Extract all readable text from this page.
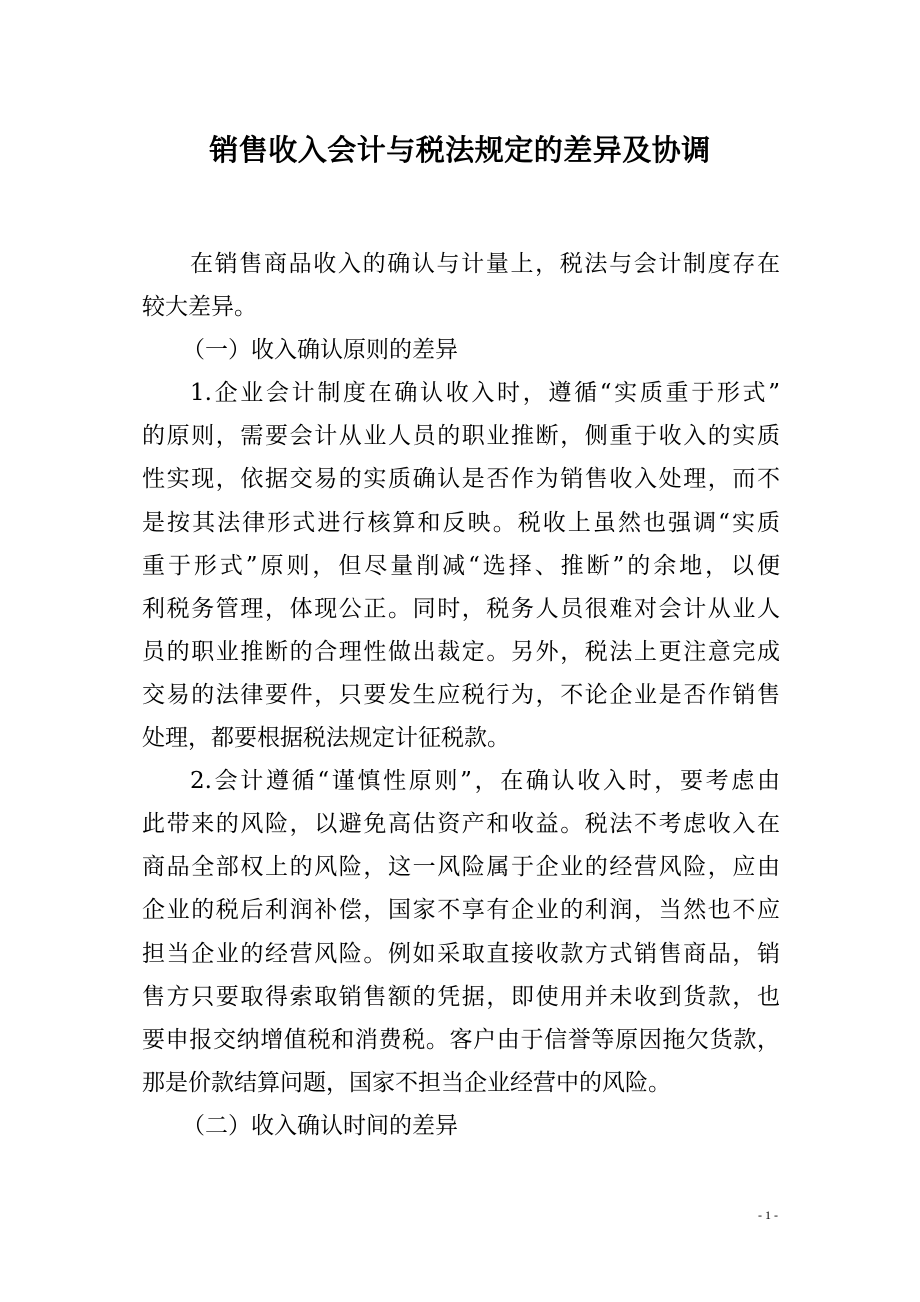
销售收入会计与税法规定的差异及协调
在销售商品收入的确认与计量上，税法与会计制度存在
较大差异。
（一）收入确认原则的差异
1.企业会计制度在确认收入时，遵循“实质重于形式”
的原则，需要会计从业人员的职业推断，侧重于收入的实质
性实现，依据交易的实质确认是否作为销售收入处理，而不
是按其法律形式进行核算和反映。税收上虽然也强调“实质
重于形式”原则，但尽量削减“选择、推断”的余地，以便
利税务管理，体现公正。同时，税务人员很难对会计从业人
员的职业推断的合理性做出裁定。另外，税法上更注意完成
交易的法律要件，只要发生应税行为，不论企业是否作销售
处理，都要根据税法规定计征税款。
2.会计遵循“谨慎性原则”，在确认收入时，要考虑由
此带来的风险，以避免高估资产和收益。税法不考虑收入在
商品全部权上的风险，这一风险属于企业的经营风险，应由
企业的税后利润补偿，国家不享有企业的利润，当然也不应
担当企业的经营风险。例如采取直接收款方式销售商品，销
售方只要取得索取销售额的凭据，即使用并未收到货款，也
要申报交纳增值税和消费税。客户由于信誉等原因拖欠货款，
那是价款结算问题，国家不担当企业经营中的风险。
（二）收入确认时间的差异
- 1 -
